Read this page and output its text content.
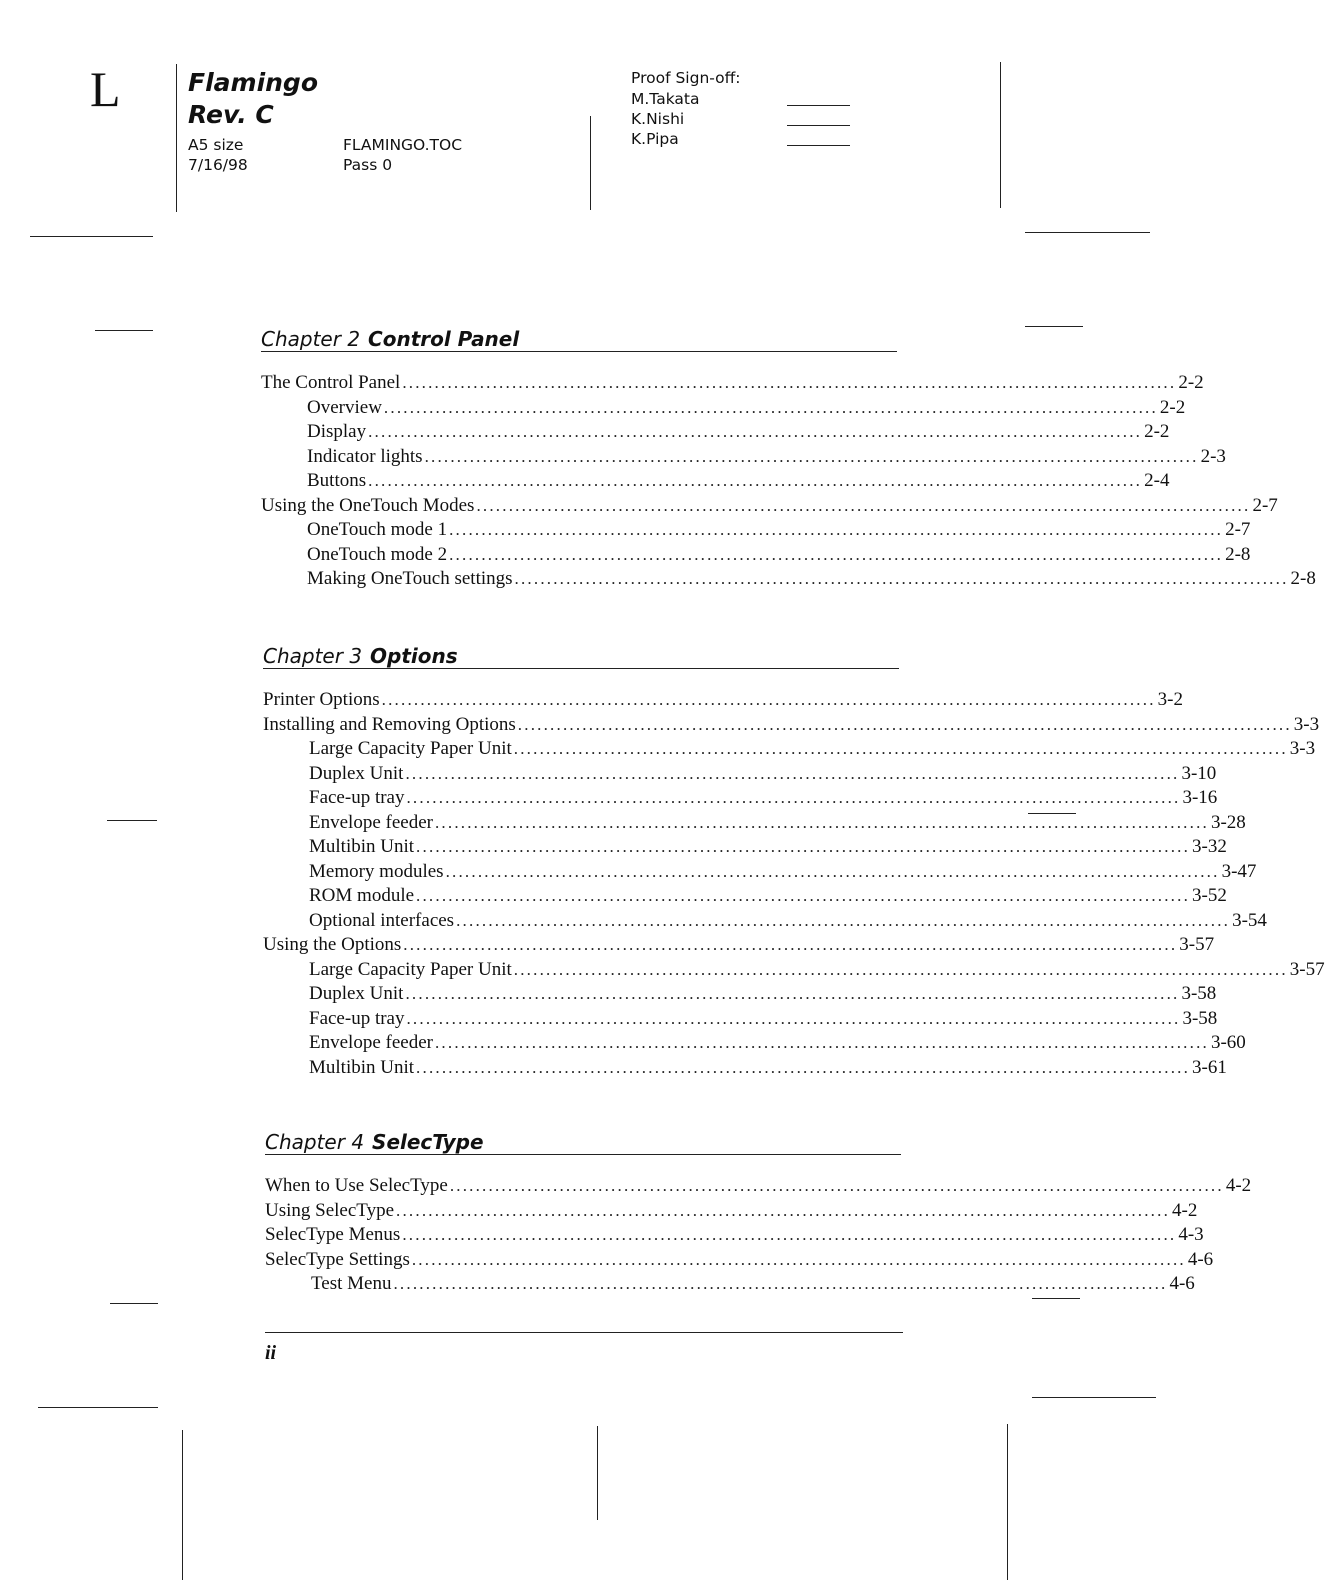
L	Flamingo
Rev. C
A5 size
7/16/98
FLAMINGO.TOC
Pass 0
Proof Sign-off:
M.Takata
K.Nishi
K.Pipa
Chapter 2 Control Panel
The Control Panel ........................................................................................................................ 2-2
Overview ........................................................................................................................ 2-2
Display ........................................................................................................................ 2-2
Indicator lights ........................................................................................................................ 2-3
Buttons ........................................................................................................................ 2-4
Using the OneTouch Modes ........................................................................................................................ 2-7
OneTouch mode 1 ........................................................................................................................ 2-7
OneTouch mode 2 ........................................................................................................................ 2-8
Making OneTouch settings ........................................................................................................................ 2-8
Chapter 3 Options
Printer Options ........................................................................................................................ 3-2
Installing and Removing Options ........................................................................................................................ 3-3
Large Capacity Paper Unit ........................................................................................................................ 3-3
Duplex Unit ........................................................................................................................ 3-10
Face-up tray ........................................................................................................................ 3-16
Envelope feeder ........................................................................................................................ 3-28
Multibin Unit ........................................................................................................................ 3-32
Memory modules ........................................................................................................................ 3-47
ROM module ........................................................................................................................ 3-52
Optional interfaces ........................................................................................................................ 3-54
Using the Options ........................................................................................................................ 3-57
Large Capacity Paper Unit ........................................................................................................................ 3-57
Duplex Unit ........................................................................................................................ 3-58
Face-up tray ........................................................................................................................ 3-58
Envelope feeder ........................................................................................................................ 3-60
Multibin Unit ........................................................................................................................ 3-61
Chapter 4 SelecType
When to Use SelecType ........................................................................................................................ 4-2
Using SelecType ........................................................................................................................ 4-2
SelecType Menus ........................................................................................................................ 4-3
SelecType Settings ........................................................................................................................ 4-6
Test Menu ........................................................................................................................ 4-6
ii
